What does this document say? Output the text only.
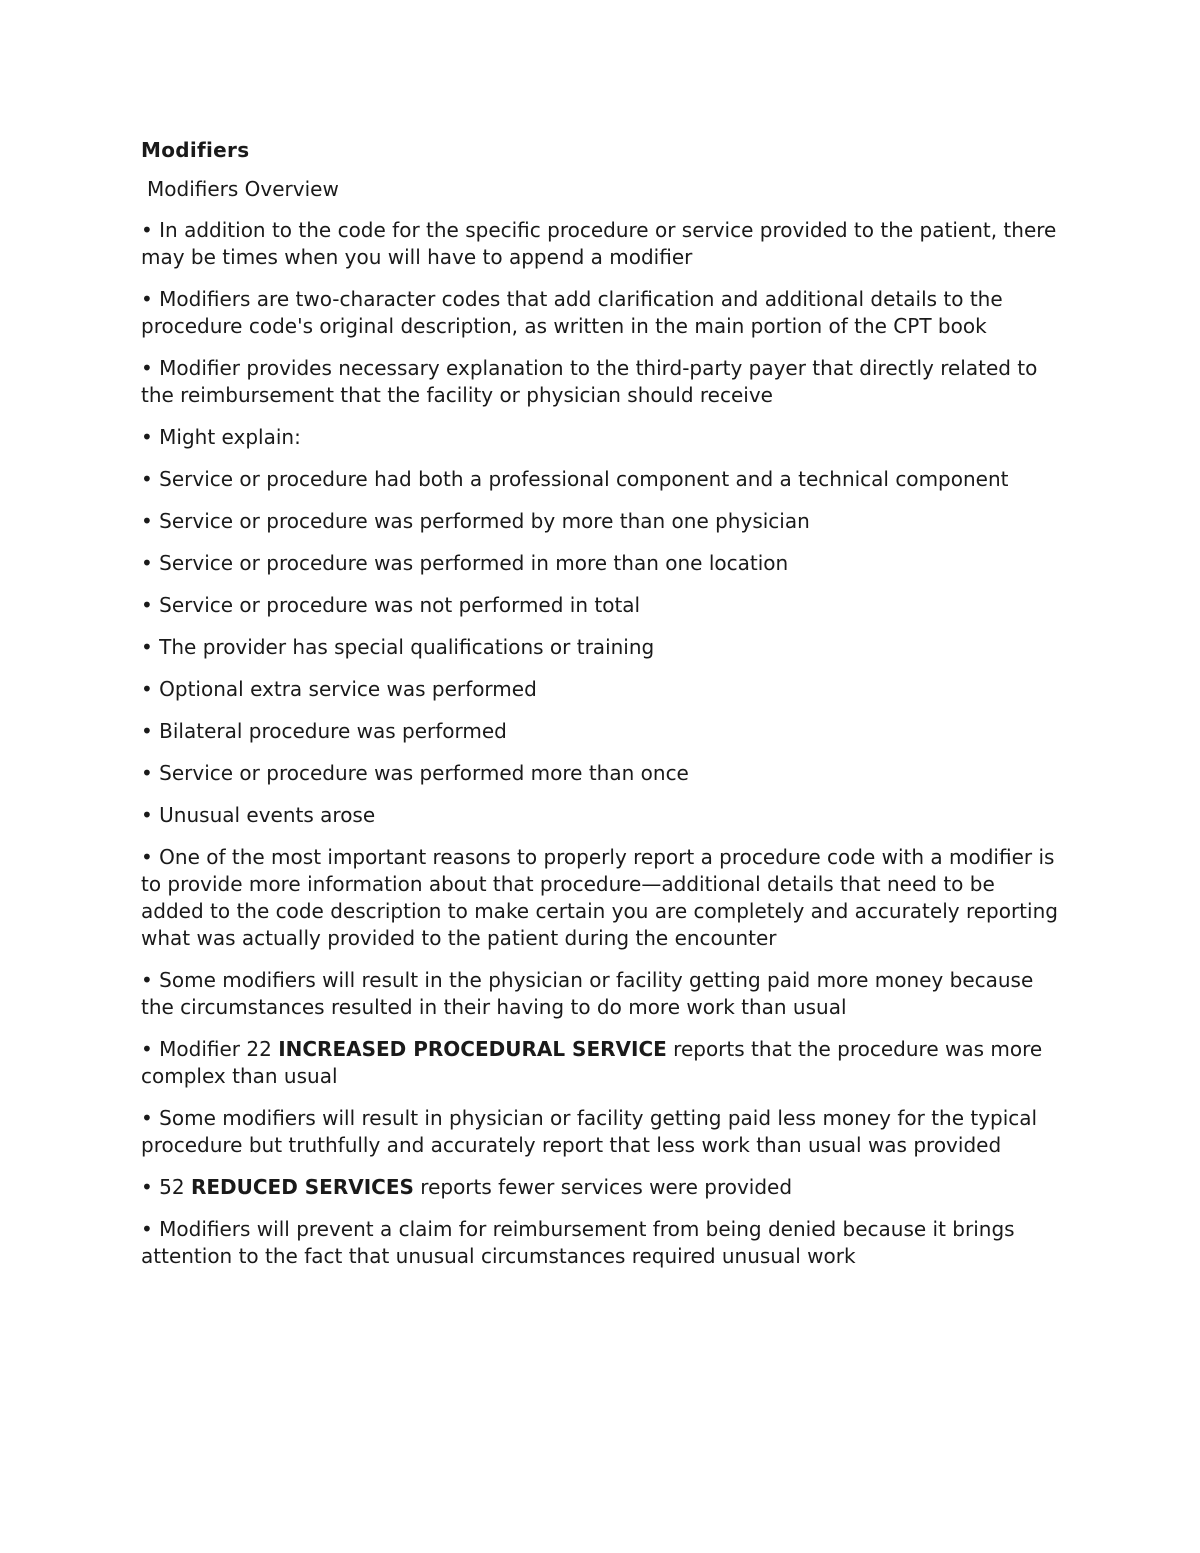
Modifiers
Modifiers Overview
• In addition to the code for the specific procedure or service provided to the patient, there may be times when you will have to append a modifier
• Modifiers are two-character codes that add clarification and additional details to the procedure code's original description, as written in the main portion of the CPT book
• Modifier provides necessary explanation to the third-party payer that directly related to the reimbursement that the facility or physician should receive
• Might explain:
• Service or procedure had both a professional component and a technical component
• Service or procedure was performed by more than one physician
• Service or procedure was performed in more than one location
• Service or procedure was not performed in total
• The provider has special qualifications or training
• Optional extra service was performed
• Bilateral procedure was performed
• Service or procedure was performed more than once
• Unusual events arose
• One of the most important reasons to properly report a procedure code with a modifier is to provide more information about that procedure—additional details that need to be added to the code description to make certain you are completely and accurately reporting what was actually provided to the patient during the encounter
• Some modifiers will result in the physician or facility getting paid more money because the circumstances resulted in their having to do more work than usual
• Modifier 22 INCREASED PROCEDURAL SERVICE reports that the procedure was more complex than usual
• Some modifiers will result in physician or facility getting paid less money for the typical procedure but truthfully and accurately report that less work than usual was provided
• 52 REDUCED SERVICES reports fewer services were provided
• Modifiers will prevent a claim for reimbursement from being denied because it brings attention to the fact that unusual circumstances required unusual work
